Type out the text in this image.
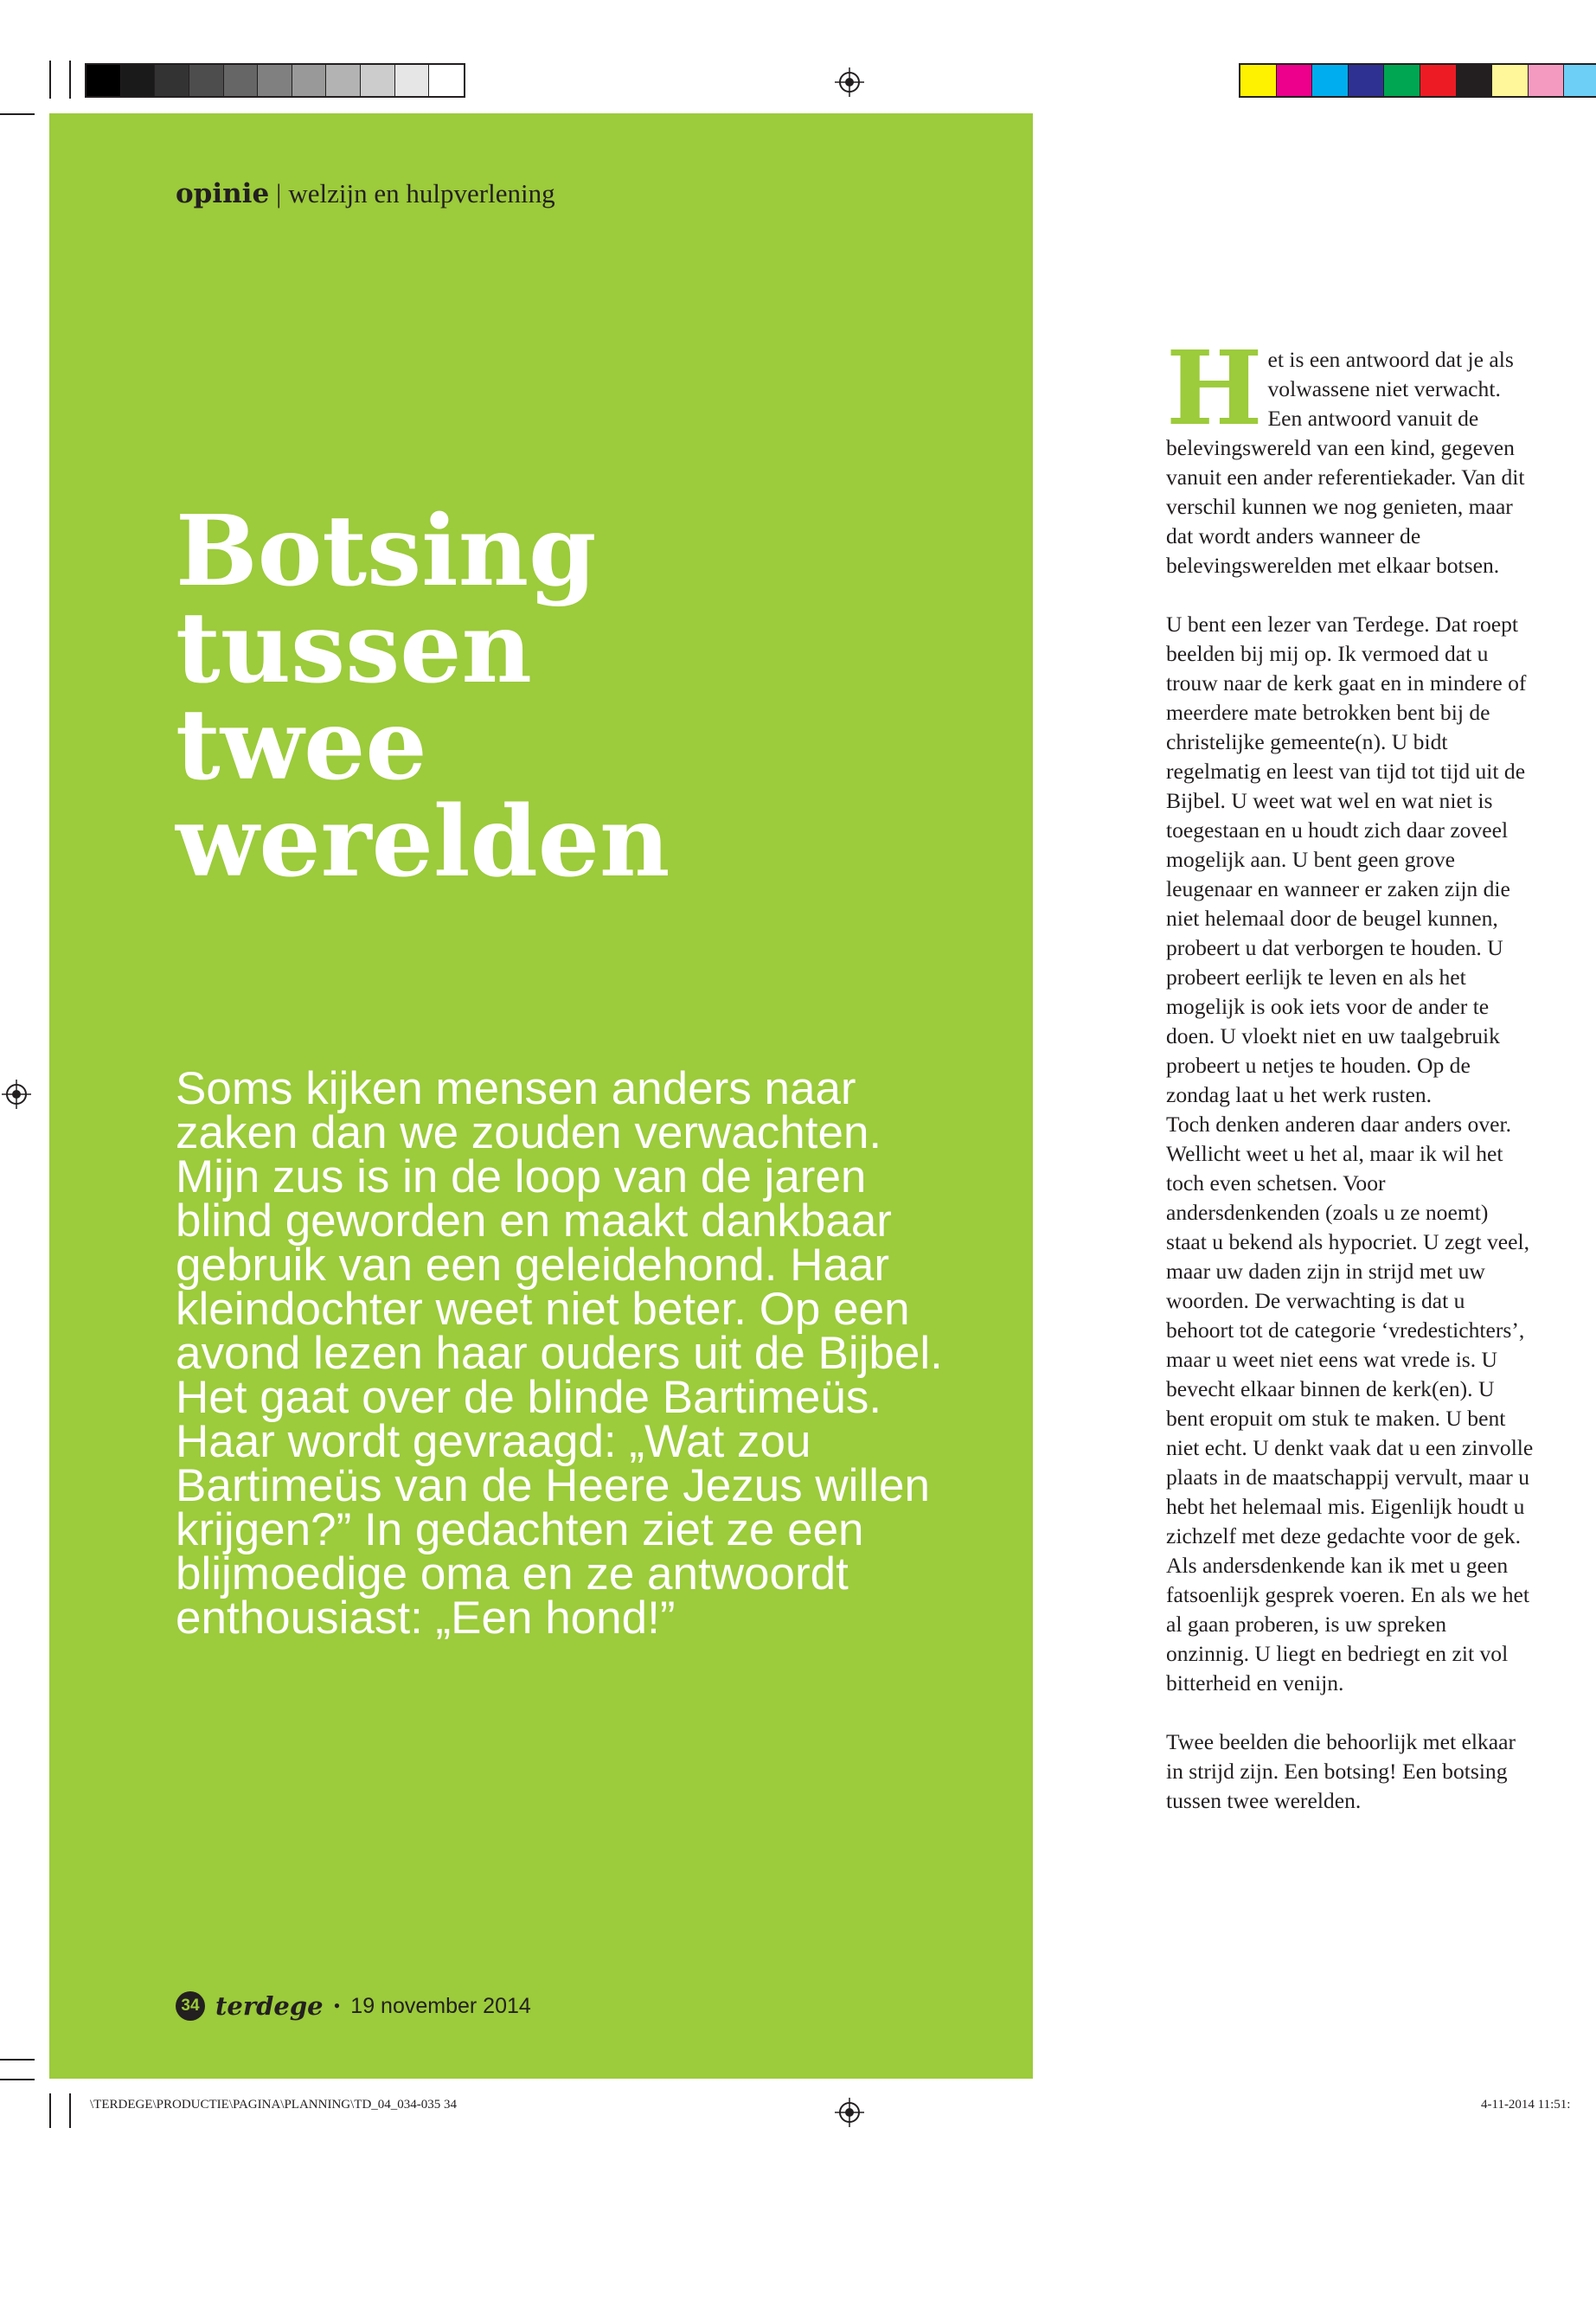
opinie | welzijn en hulpverlening
Botsing
tussen
twee
werelden
Soms kijken mensen anders naar zaken dan we zouden verwachten. Mijn zus is in de loop van de jaren blind geworden en maakt dankbaar gebruik van een geleidehond. Haar kleindochter weet niet beter. Op een avond lezen haar ouders uit de Bijbel. Het gaat over de blinde Bartimeüs. Haar wordt gevraagd: „Wat zou Bartimeüs van de Heere Jezus willen krijgen?” In gedachten ziet ze een blijmoedige oma en ze antwoordt enthousiast: „Een hond!”
34 terdege • 19 november 2014

Het is een antwoord dat je als volwassene niet verwacht. Een antwoord vanuit de belevingswereld van een kind, gegeven vanuit een ander referentiekader. Van dit verschil kunnen we nog genieten, maar dat wordt anders wanneer de belevingswerelden met elkaar botsen.

U bent een lezer van Terdege. Dat roept beelden bij mij op. Ik vermoed dat u trouw naar de kerk gaat en in mindere of meerdere mate betrokken bent bij de christelijke gemeente(n). U bidt regelmatig en leest van tijd tot tijd uit de Bijbel. U weet wat wel en wat niet is toegestaan en u houdt zich daar zoveel mogelijk aan. U bent geen grove leugenaar en wanneer er zaken zijn die niet helemaal door de beugel kunnen, probeert u dat verborgen te houden. U probeert eerlijk te leven en als het mogelijk is ook iets voor de ander te doen. U vloekt niet en uw taalgebruik probeert u netjes te houden. Op de zondag laat u het werk rusten.

Toch denken anderen daar anders over. Wellicht weet u het al, maar ik wil het toch even schetsen. Voor andersdenkenden (zoals u ze noemt) staat u bekend als hypocriet. U zegt veel, maar uw daden zijn in strijd met uw woorden. De verwachting is dat u behoort tot de categorie ‘vredestichters’, maar u weet niet eens wat vrede is. U bevecht elkaar binnen de kerk(en). U bent eropuit om stuk te maken. U bent niet echt. U denkt vaak dat u een zinvolle plaats in de maatschappij vervult, maar u hebt het helemaal mis. Eigenlijk houdt u zichzelf met deze gedachte voor de gek. Als andersdenkende kan ik met u geen fatsoenlijk gesprek voeren. En als we het al gaan proberen, is uw spreken onzinnig. U liegt en bedriegt en zit vol bitterheid en venijn.

Twee beelden die behoorlijk met elkaar in strijd zijn. Een botsing! Een botsing tussen twee werelden.

\TERDEGE\PRODUCTIE\PAGINA\PLANNING\TD_04_034-035 34	4-11-2014 11:51:
